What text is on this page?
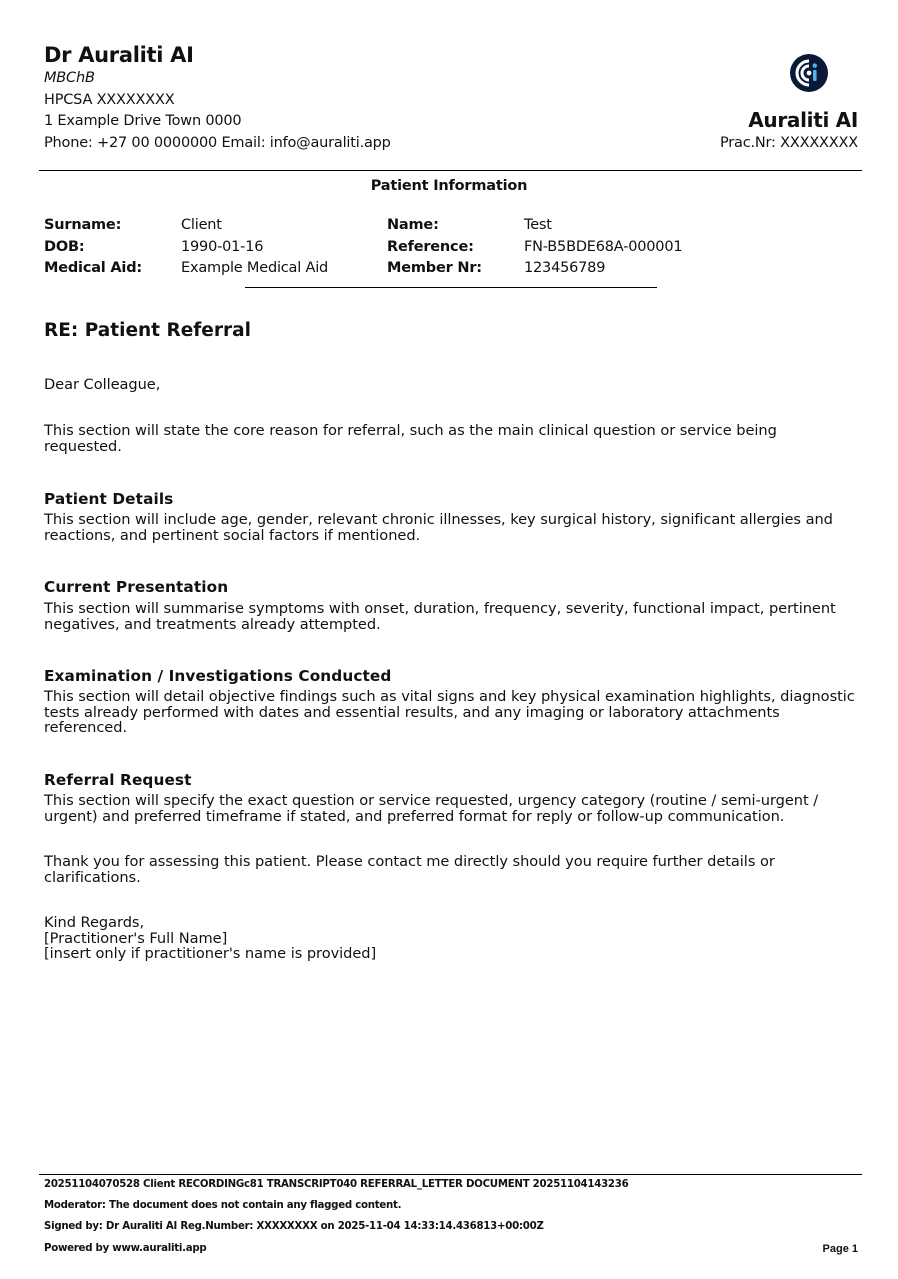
Dr Auraliti AI
MBChB
HPCSA XXXXXXXX
1 Example Drive Town 0000
Phone: +27 00 0000000 Email: info@auraliti.app
Auraliti AI
Prac.Nr: XXXXXXXX
Patient Information
Surname:	Client
DOB:	1990-01-16
Medical Aid:	Example Medical Aid
Name:	Test
Reference:	FN-B5BDE68A-000001
Member Nr:	123456789
RE: Patient Referral
Dear Colleague,
This section will state the core reason for referral, such as the main clinical question or service being requested.
Patient Details
This section will include age, gender, relevant chronic illnesses, key surgical history, significant allergies and reactions, and pertinent social factors if mentioned.
Current Presentation
This section will summarise symptoms with onset, duration, frequency, severity, functional impact, pertinent negatives, and treatments already attempted.
Examination / Investigations Conducted
This section will detail objective findings such as vital signs and key physical examination highlights, diagnostic tests already performed with dates and essential results, and any imaging or laboratory attachments referenced.
Referral Request
This section will specify the exact question or service requested, urgency category (routine / semi-urgent / urgent) and preferred timeframe if stated, and preferred format for reply or follow-up communication.
Thank you for assessing this patient. Please contact me directly should you require further details or clarifications.
Kind Regards,
[Practitioner's Full Name]
[insert only if practitioner's name is provided]
20251104070528 Client RECORDINGc81 TRANSCRIPT040 REFERRAL_LETTER DOCUMENT 20251104143236
Moderator: The document does not contain any flagged content.
Signed by: Dr Auraliti AI Reg.Number: XXXXXXXX on 2025-11-04 14:33:14.436813+00:00Z
Powered by www.auraliti.app	Page 1
